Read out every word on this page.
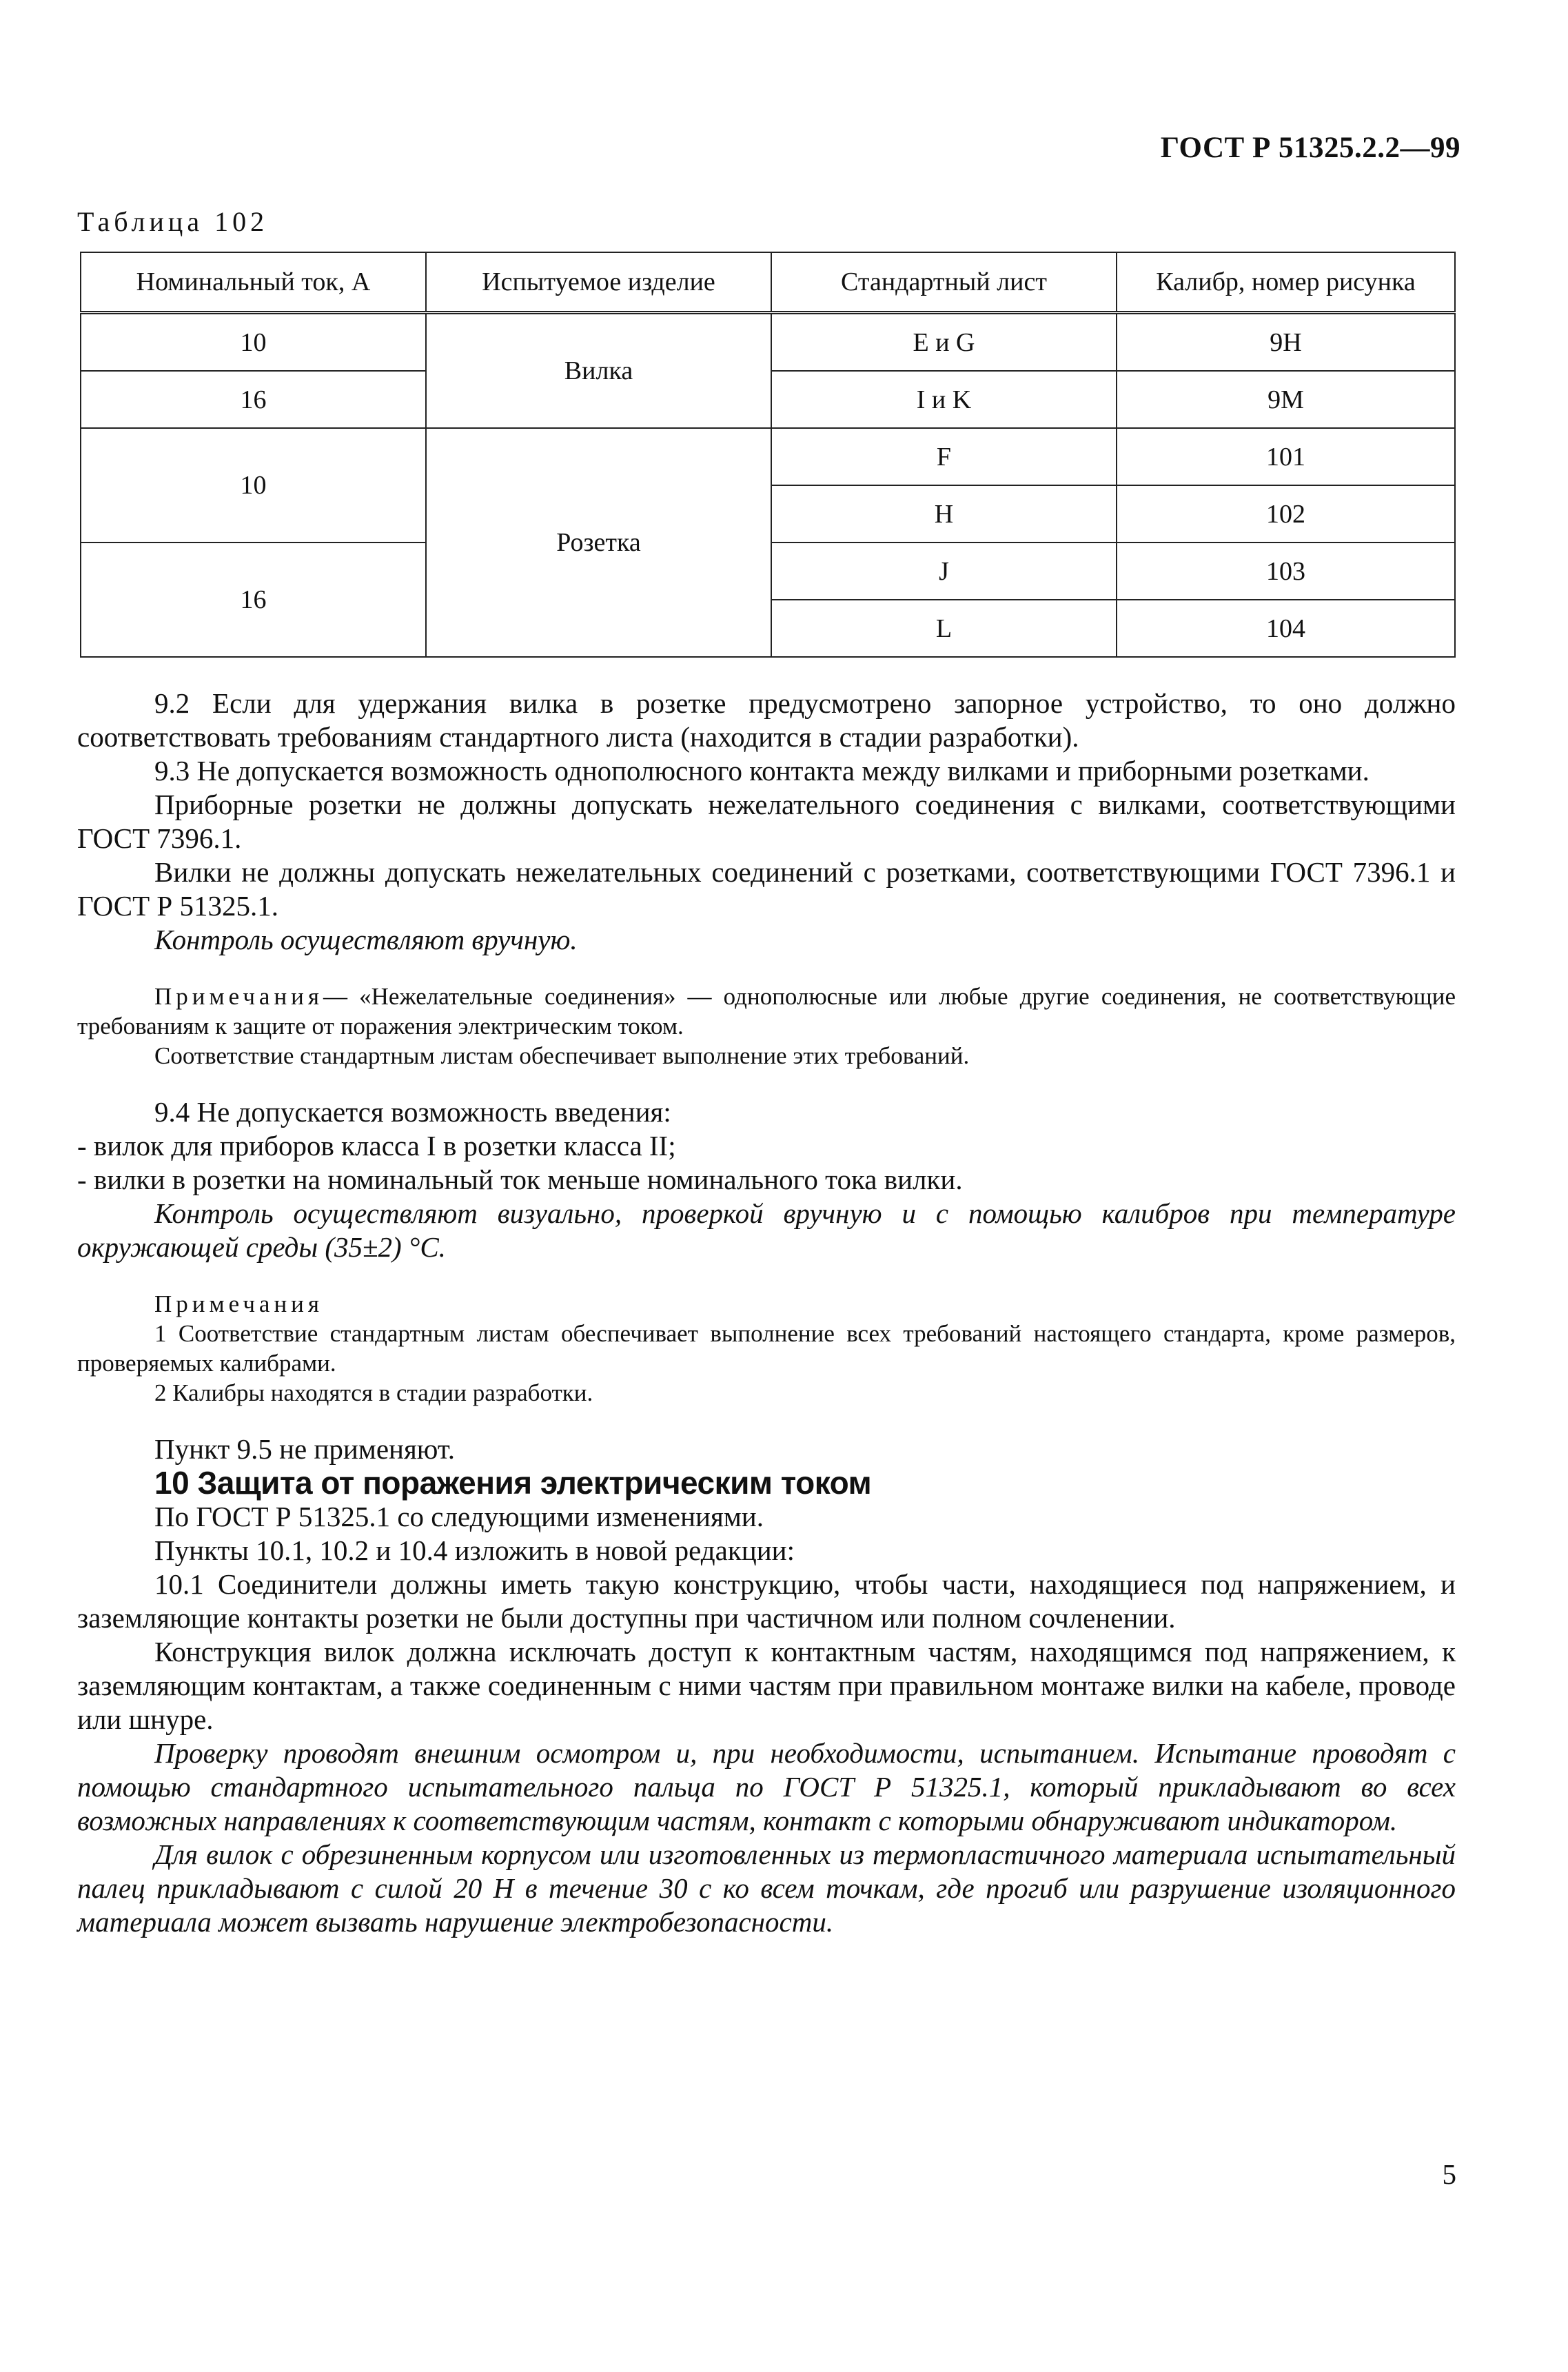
ГОСТ Р 51325.2.2—99
Таблица 102
Номинальный ток, А	Испытуемое изделие	Стандартный лист	Калибр, номер рисунка
10	Вилка	E и G	9H
16		I и K	9M
10	Розетка	F	101
		H	102
16		J	103
		L	104

9.2 Если для удержания вилка в розетке предусмотрено запорное устройство, то оно должно соответствовать требованиям стандартного листа (находится в стадии разработки).

9.3 Не допускается возможность однополюсного контакта между вилками и приборными розетками.

Приборные розетки не должны допускать нежелательного соединения с вилками, соответствующими ГОСТ 7396.1.

Вилки не должны допускать нежелательных соединений с розетками, соответствующими ГОСТ 7396.1 и ГОСТ Р 51325.1.

Контроль осуществляют вручную.

Примечания— «Нежелательные соединения» — однополюсные или любые другие соединения, не соответствующие требованиям к защите от поражения электрическим током.

Соответствие стандартным листам обеспечивает выполнение этих требований.

9.4 Не допускается возможность введения:

- вилок для приборов класса I в розетки класса II;

- вилки в розетки на номинальный ток меньше номинального тока вилки.

Контроль осуществляют визуально, проверкой вручную и с помощью калибров при температуре окружающей среды (35±2) °С.

Примечания

1 Соответствие стандартным листам обеспечивает выполнение всех требований настоящего стандарта, кроме размеров, проверяемых калибрами.

2 Калибры находятся в стадии разработки.

Пункт 9.5 не применяют.

10 Защита от поражения электрическим током

По ГОСТ Р 51325.1 со следующими изменениями.

Пункты 10.1, 10.2 и 10.4 изложить в новой редакции:

10.1 Соединители должны иметь такую конструкцию, чтобы части, находящиеся под напряжением, и заземляющие контакты розетки не были доступны при частичном или полном сочленении.

Конструкция вилок должна исключать доступ к контактным частям, находящимся под напряжением, к заземляющим контактам, а также соединенным с ними частям при правильном монтаже вилки на кабеле, проводе или шнуре.

Проверку проводят внешним осмотром и, при необходимости, испытанием. Испытание проводят с помощью стандартного испытательного пальца по ГОСТ Р 51325.1, который прикладывают во всех возможных направлениях к соответствующим частям, контакт с которыми обнаруживают индикатором.

Для вилок с обрезиненным корпусом или изготовленных из термопластичного материала испытательный палец прикладывают с силой 20 Н в течение 30 с ко всем точкам, где прогиб или разрушение изоляционного материала может вызвать нарушение электробезопасности.

5
